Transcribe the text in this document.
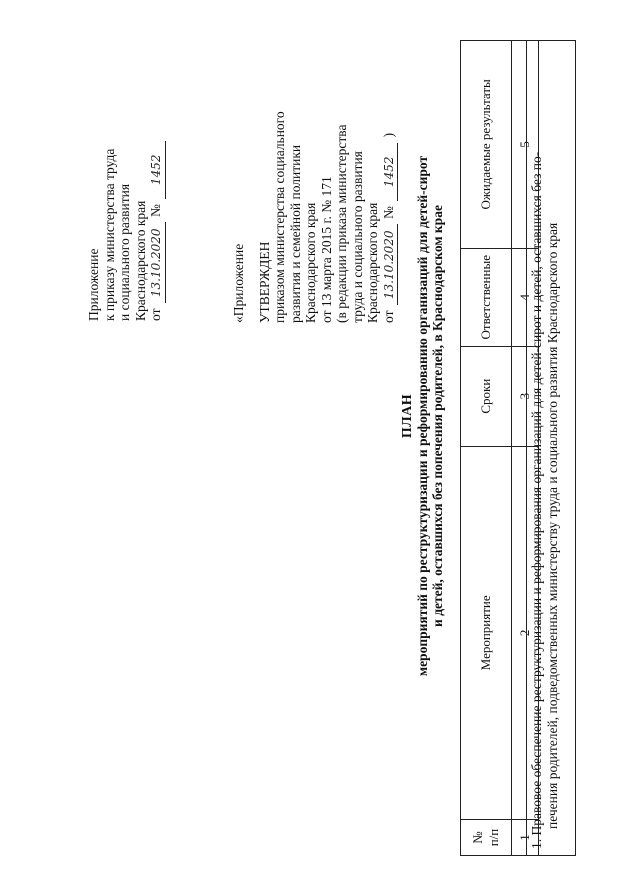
Приложение к приказу министерства труда и социального развития Краснодарского края от 13.10.2020 № 1452
«Приложение УТВЕРЖДЕН приказом министерства социального развития и семейной политики Краснодарского края от 13 марта 2015 г. № 171 (в редакции приказа министерства труда и социального развития Краснодарского края от 13.10.2020 № 1452 )
ПЛАН мероприятий по реструктуризации и реформированию организаций для детей-сирот и детей, оставшихся без попечения родителей, в Краснодарском крае
№ п/п	Мероприятие	Сроки	Ответственные	Ожидаемые результаты
1	2	3	4	5
1. Правовое обеспечение реструктуризации и реформирования организаций для детей-сирот и детей, оставшихся без по- печения родителей, подведомственных министерству труда и социального развития Краснодарского края
